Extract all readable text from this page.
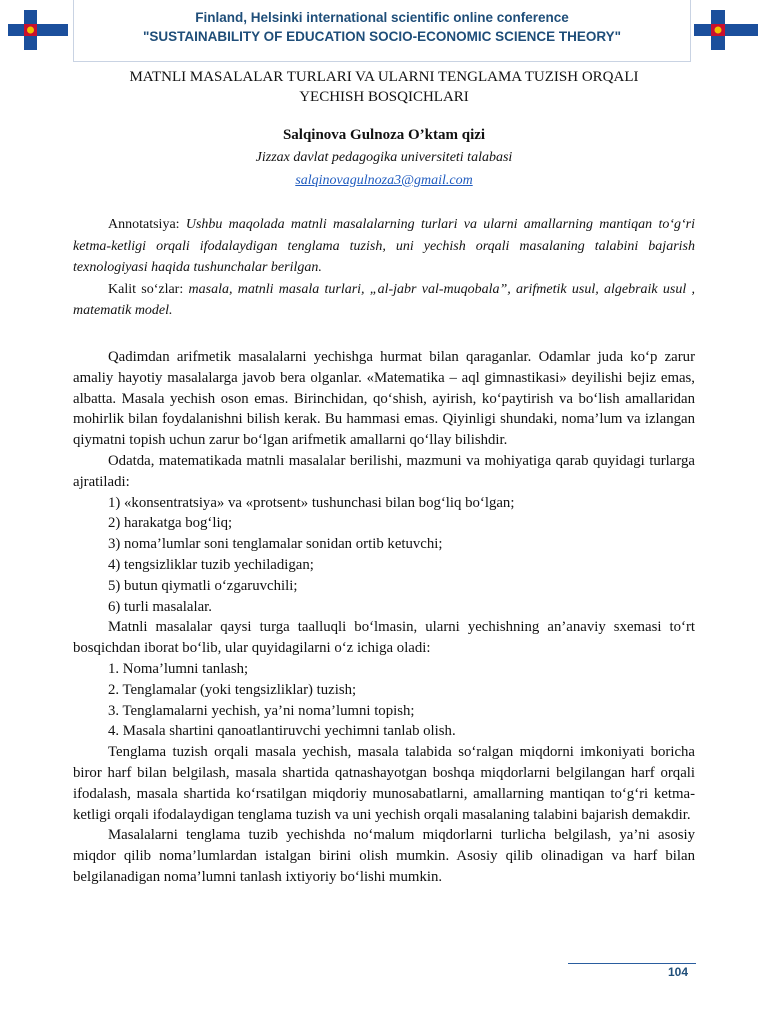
Finland, Helsinki international scientific online conference
"SUSTAINABILITY OF EDUCATION SOCIO-ECONOMIC SCIENCE THEORY"
MATNLI MASALALAR TURLARI VA ULARNI TENGLAMA TUZISH ORQALI
YECHISH BOSQICHLARI
Salqinova Gulnoza O’ktam qizi
Jizzax davlat pedagogika universiteti talabasi
salqinovagulnoza3@gmail.com

Annotatsiya: Ushbu maqolada matnli masalalarning turlari va ularni amallarning mantiqan to‘g‘ri ketma-ketligi orqali ifodalaydigan tenglama tuzish, uni yechish orqali masalaning talabini bajarish texnologiyasi haqida tushunchalar berilgan.

Kalit so‘zlar: masala, matnli masala turlari, „al-jabr val-muqobala”, arifmetik usul, algebraik usul , matematik model.

Qadimdan arifmetik masalalarni yechishga hurmat bilan qaraganlar. Odamlar juda ko‘p zarur amaliy hayotiy masalalarga javob bera olganlar. «Matematika – aql gimnastikasi» deyilishi bejiz emas, albatta. Masala yechish oson emas. Birinchidan, qo‘shish, ayirish, ko‘paytirish va bo‘lish amallaridan mohirlik bilan foydalanishni bilish kerak. Bu hammasi emas. Qiyinligi shundaki, noma’lum va izlangan qiymatni topish uchun zarur bo‘lgan arifmetik amallarni qo‘llay bilishdir.

Odatda, matematikada matnli masalalar berilishi, mazmuni va mohiyatiga qarab quyidagi turlarga ajratiladi:

1) «konsentratsiya» va «protsent» tushunchasi bilan bog‘liq bo‘lgan;
2) harakatga bog‘liq;
3) noma’lumlar soni tenglamalar sonidan ortib ketuvchi;
4) tengsizliklar tuzib yechiladigan;
5) butun qiymatli o‘zgaruvchili;
6) turli masalalar.

Matnli masalalar qaysi turga taalluqli bo‘lmasin, ularni yechishning an’anaviy sxemasi to‘rt bosqichdan iborat bo‘lib, ular quyidagilarni o‘z ichiga oladi:

1. Noma’lumni tanlash;
2. Tenglamalar (yoki tengsizliklar) tuzish;
3. Tenglamalarni yechish, ya’ni noma’lumni topish;
4. Masala shartini qanoatlantiruvchi yechimni tanlab olish.

Tenglama tuzish orqali masala yechish, masala talabida so‘ralgan miqdorni imkoniyati boricha biror harf bilan belgilash, masala shartida qatnashayotgan boshqa miqdorlarni belgilangan harf orqali ifodalash, masala shartida ko‘rsatilgan miqdoriy munosabatlarni, amallarning mantiqan to‘g‘ri ketma-ketligi orqali ifodalaydigan tenglama tuzish va uni yechish orqali masalaning talabini bajarish demakdir.

Masalalarni tenglama tuzib yechishda no‘malum miqdorlarni turlicha belgilash, ya’ni asosiy miqdor qilib noma’lumlardan istalgan birini olish mumkin. Asosiy qilib olinadigan va harf bilan belgilanadigan noma’lumni tanlash ixtiyoriy bo‘lishi mumkin.

104
